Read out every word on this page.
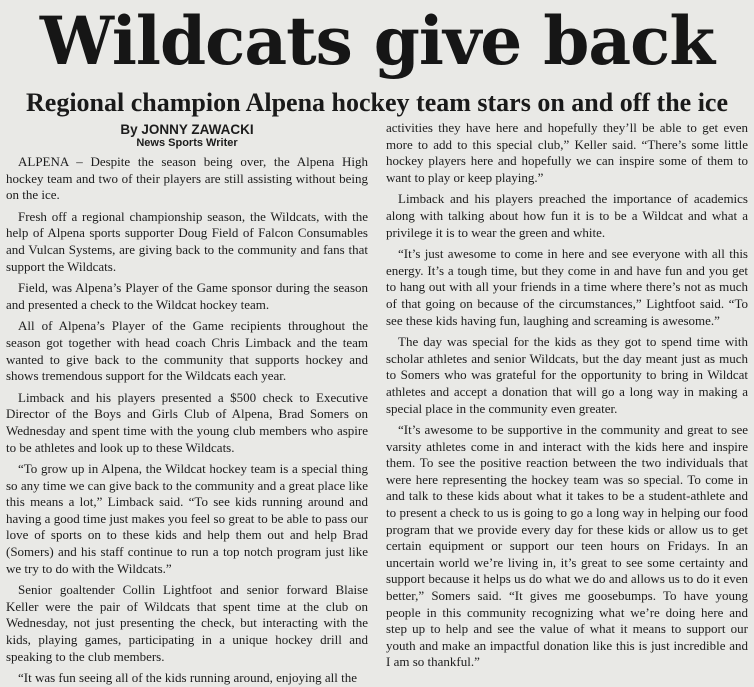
Wildcats give back
Regional champion Alpena hockey team stars on and off the ice
By JONNY ZAWACKI
News Sports Writer

ALPENA – Despite the season being over, the Alpena High hockey team and two of their players are still assisting without being on the ice.

Fresh off a regional championship season, the Wildcats, with the help of Alpena sports supporter Doug Field of Falcon Consumables and Vulcan Systems, are giving back to the community and fans that support the Wildcats.

Field, was Alpena’s Player of the Game sponsor during the season and presented a check to the Wildcat hockey team.

All of Alpena’s Player of the Game recipients throughout the season got together with head coach Chris Limback and the team wanted to give back to the community that supports hockey and shows tremendous support for the Wildcats each year.

Limback and his players presented a $500 check to Executive Director of the Boys and Girls Club of Alpena, Brad Somers on Wednesday and spent time with the young club members who aspire to be athletes and look up to these Wildcats.

“To grow up in Alpena, the Wildcat hockey team is a special thing so any time we can give back to the community and a great place like this means a lot,” Limback said. “To see kids running around and having a good time just makes you feel so great to be able to pass our love of sports on to these kids and help them out and help Brad (Somers) and his staff continue to run a top notch program just like we try to do with the Wildcats.”

Senior goaltender Collin Lightfoot and senior forward Blaise Keller were the pair of Wildcats that spent time at the club on Wednesday, not just presenting the check, but interacting with the kids, playing games, participating in a unique hockey drill and speaking to the club members.

“It was fun seeing all of the kids running around, enjoying all the

activities they have here and hopefully they’ll be able to get even more to add to this special club,” Keller said. “There’s some little hockey players here and hopefully we can inspire some of them to want to play or keep playing.”

Limback and his players preached the importance of academics along with talking about how fun it is to be a Wildcat and what a privilege it is to wear the green and white.

“It’s just awesome to come in here and see everyone with all this energy. It’s a tough time, but they come in and have fun and you get to hang out with all your friends in a time where there’s not as much of that going on because of the circumstances,” Lightfoot said. “To see these kids having fun, laughing and screaming is awesome.”

The day was special for the kids as they got to spend time with scholar athletes and senior Wildcats, but the day meant just as much to Somers who was grateful for the opportunity to bring in Wildcat athletes and accept a donation that will go a long way in making a special place in the community even greater.

“It’s awesome to be supportive in the community and great to see varsity athletes come in and interact with the kids here and inspire them. To see the positive reaction between the two individuals that were here representing the hockey team was so special. To come in and talk to these kids about what it takes to be a student-athlete and to present a check to us is going to go a long way in helping our food program that we provide every day for these kids or allow us to get certain equipment or support our teen hours on Fridays. In an uncertain world we’re living in, it’s great to see some certainty and support because it helps us do what we do and allows us to do it even better,” Somers said. “It gives me goosebumps. To have young people in this community recognizing what we’re doing here and step up to help and see the value of what it means to support our youth and make an impactful donation like this is just incredible and I am so thankful.”
